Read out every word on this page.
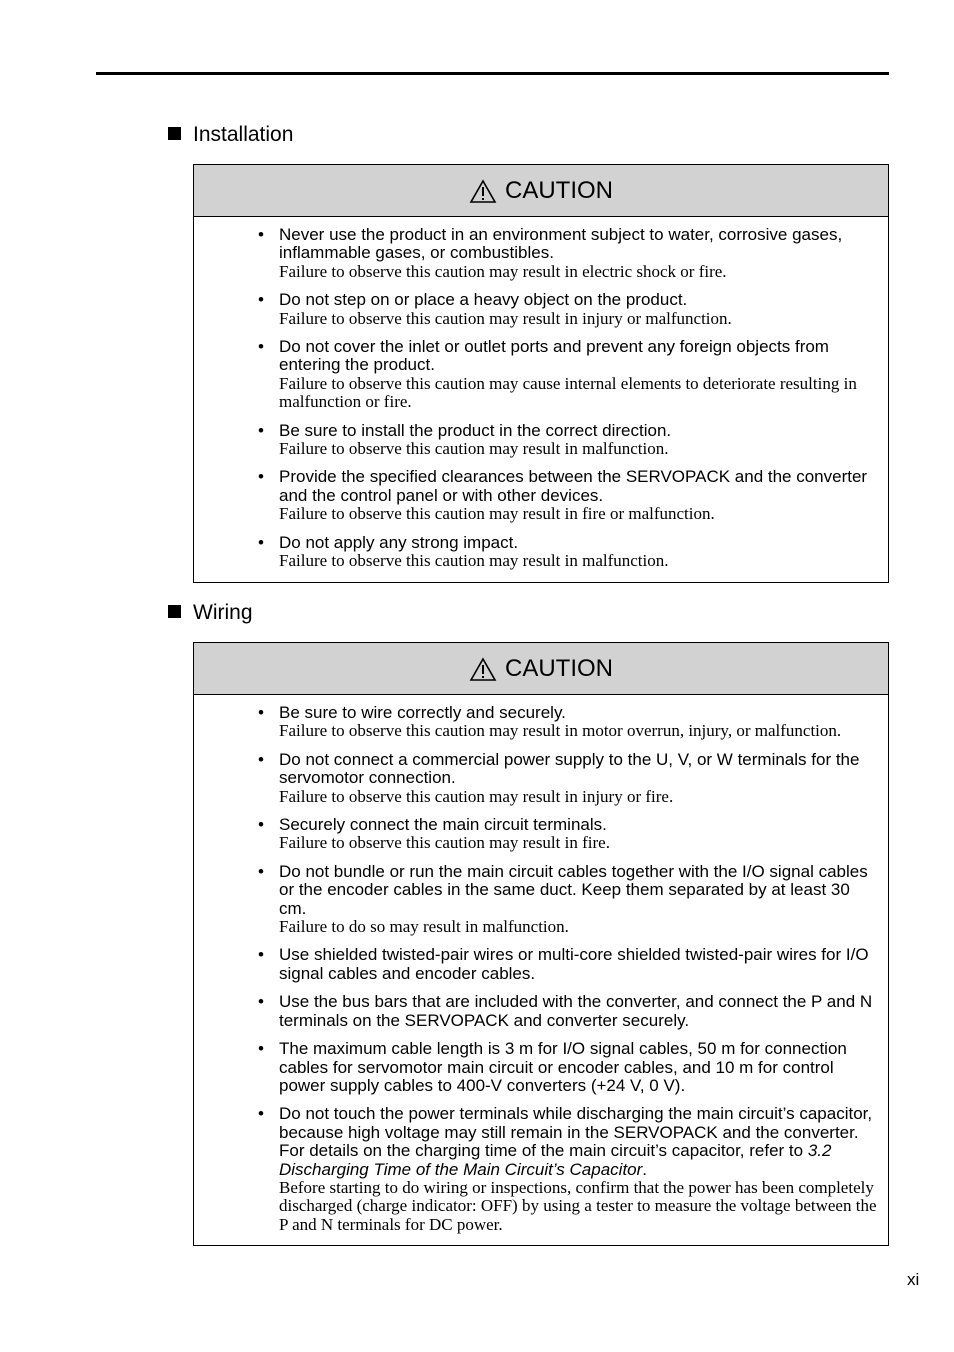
Installation
CAUTION
• Never use the product in an environment subject to water, corrosive gases, inflammable gases, or combustibles.
Failure to observe this caution may result in electric shock or fire.
• Do not step on or place a heavy object on the product.
Failure to observe this caution may result in injury or malfunction.
• Do not cover the inlet or outlet ports and prevent any foreign objects from entering the product.
Failure to observe this caution may cause internal elements to deteriorate resulting in malfunction or fire.
• Be sure to install the product in the correct direction.
Failure to observe this caution may result in malfunction.
• Provide the specified clearances between the SERVOPACK and the converter and the control panel or with other devices.
Failure to observe this caution may result in fire or malfunction.
• Do not apply any strong impact.
Failure to observe this caution may result in malfunction.
Wiring
CAUTION
• Be sure to wire correctly and securely.
Failure to observe this caution may result in motor overrun, injury, or malfunction.
• Do not connect a commercial power supply to the U, V, or W terminals for the servomotor connection.
Failure to observe this caution may result in injury or fire.
• Securely connect the main circuit terminals.
Failure to observe this caution may result in fire.
• Do not bundle or run the main circuit cables together with the I/O signal cables or the encoder cables in the same duct. Keep them separated by at least 30 cm.
Failure to do so may result in malfunction.
• Use shielded twisted-pair wires or multi-core shielded twisted-pair wires for I/O signal cables and encoder cables.
• Use the bus bars that are included with the converter, and connect the P and N terminals on the SERVOPACK and converter securely.
• The maximum cable length is 3 m for I/O signal cables, 50 m for connection cables for servomotor main circuit or encoder cables, and 10 m for control power supply cables to 400-V converters (+24 V, 0 V).
• Do not touch the power terminals while discharging the main circuit’s capacitor, because high voltage may still remain in the SERVOPACK and the converter. For details on the charging time of the main circuit’s capacitor, refer to 3.2 Discharging Time of the Main Circuit’s Capacitor.
Before starting to do wiring or inspections, confirm that the power has been completely discharged (charge indicator: OFF) by using a tester to measure the voltage between the P and N terminals for DC power.
xi
